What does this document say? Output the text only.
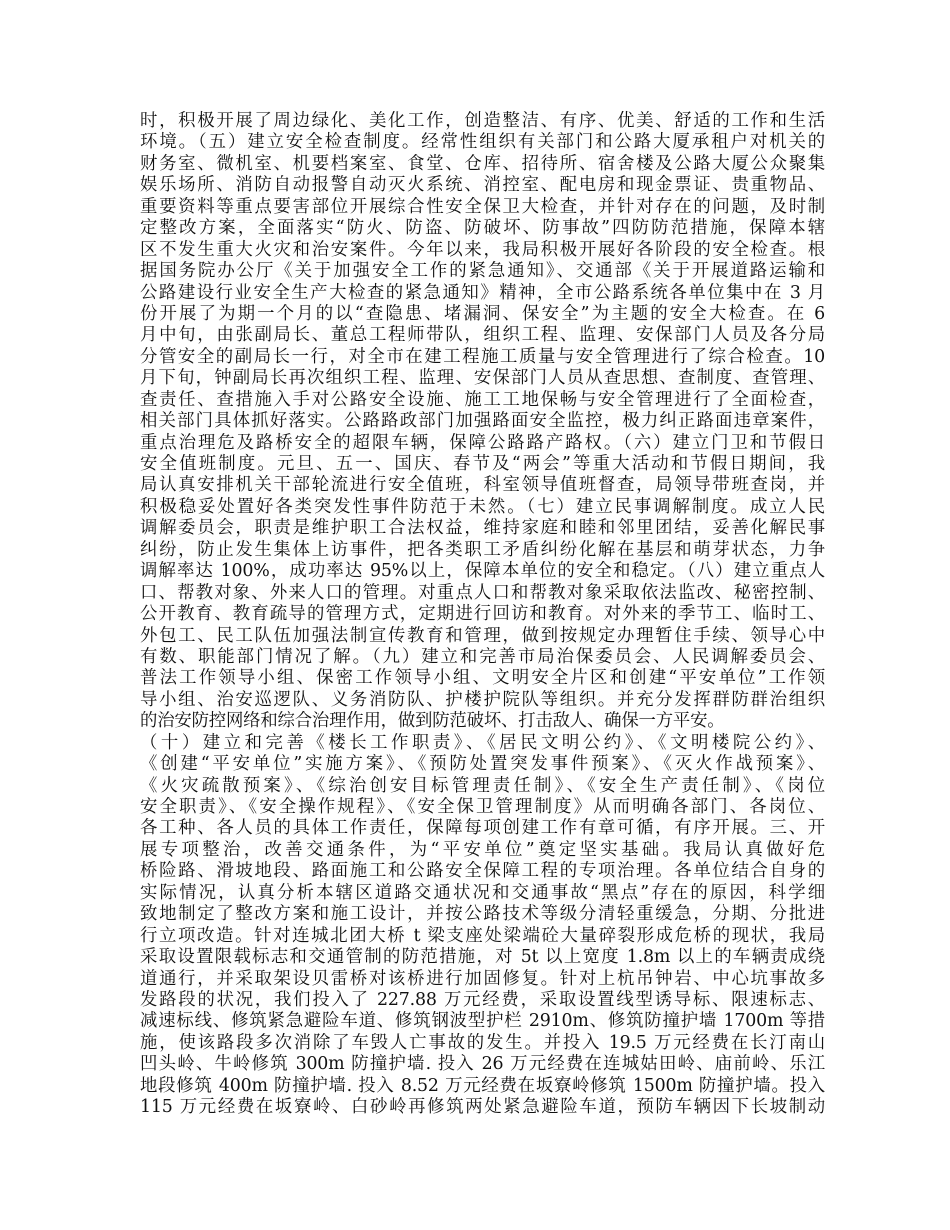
时，积极开展了周边绿化、美化工作，创造整洁、有序、优美、舒适的工作和生活
环境。（五）建立安全检查制度。经常性组织有关部门和公路大厦承租户对机关的
财务室、微机室、机要档案室、食堂、仓库、招待所、宿舍楼及公路大厦公众聚集
娱乐场所、消防自动报警自动灭火系统、消控室、配电房和现金票证、贵重物品、
重要资料等重点要害部位开展综合性安全保卫大检查，并针对存在的问题，及时制
定整改方案，全面落实“防火、防盗、防破坏、防事故”四防防范措施，保障本辖
区不发生重大火灾和治安案件。今年以来，我局积极开展好各阶段的安全检查。根
据国务院办公厅《关于加强安全工作的紧急通知》、交通部《关于开展道路运输和
公路建设行业安全生产大检查的紧急通知》精神，全市公路系统各单位集中在 3 月
份开展了为期一个月的以“查隐患、堵漏洞、保安全”为主题的安全大检查。在 6
月中旬，由张副局长、董总工程师带队，组织工程、监理、安保部门人员及各分局
分管安全的副局长一行，对全市在建工程施工质量与安全管理进行了综合检查。10
月下旬，钟副局长再次组织工程、监理、安保部门人员从查思想、查制度、查管理、
查责任、查措施入手对公路安全设施、施工工地保畅与安全管理进行了全面检查，
相关部门具体抓好落实。公路路政部门加强路面安全监控，极力纠正路面违章案件，
重点治理危及路桥安全的超限车辆，保障公路路产路权。（六）建立门卫和节假日
安全值班制度。元旦、五一、国庆、春节及“两会”等重大活动和节假日期间，我
局认真安排机关干部轮流进行安全值班，科室领导值班督查，局领导带班查岗，并
积极稳妥处置好各类突发性事件防范于未然。（七）建立民事调解制度。成立人民
调解委员会，职责是维护职工合法权益，维持家庭和睦和邻里团结，妥善化解民事
纠纷，防止发生集体上访事件，把各类职工矛盾纠纷化解在基层和萌芽状态，力争
调解率达 100%，成功率达 95%以上，保障本单位的安全和稳定。（八）建立重点人
口、帮教对象、外来人口的管理。对重点人口和帮教对象采取依法监改、秘密控制、
公开教育、教育疏导的管理方式，定期进行回访和教育。对外来的季节工、临时工、
外包工、民工队伍加强法制宣传教育和管理，做到按规定办理暂住手续、领导心中
有数、职能部门情况了解。（九）建立和完善市局治保委员会、人民调解委员会、
普法工作领导小组、保密工作领导小组、文明安全片区和创建“平安单位”工作领
导小组、治安巡逻队、义务消防队、护楼护院队等组织。并充分发挥群防群治组织
的治安防控网络和综合治理作用，做到防范破坏、打击敌人、确保一方平安。
（十）建立和完善《楼长工作职责》、《居民文明公约》、《文明楼院公约》、
《创建“平安单位”实施方案》、《预防处置突发事件预案》、《灭火作战预案》、
《火灾疏散预案》、《综治创安目标管理责任制》、《安全生产责任制》、《岗位
安全职责》、《安全操作规程》、《安全保卫管理制度》从而明确各部门、各岗位、
各工种、各人员的具体工作责任，保障每项创建工作有章可循，有序开展。三、开
展专项整治，改善交通条件，为“平安单位”奠定坚实基础。我局认真做好危
桥险路、滑坡地段、路面施工和公路安全保障工程的专项治理。各单位结合自身的
实际情况，认真分析本辖区道路交通状况和交通事故“黑点”存在的原因，科学细
致地制定了整改方案和施工设计，并按公路技术等级分清轻重缓急，分期、分批进
行立项改造。针对连城北团大桥 t 梁支座处梁端砼大量碎裂形成危桥的现状，我局
采取设置限载标志和交通管制的防范措施，对 5t 以上宽度 1.8m 以上的车辆责成绕
道通行，并采取架设贝雷桥对该桥进行加固修复。针对上杭吊钟岩、中心坑事故多
发路段的状况，我们投入了 227.88 万元经费，采取设置线型诱导标、限速标志、
减速标线、修筑紧急避险车道、修筑钢波型护栏 2910m、修筑防撞护墙 1700m 等措
施，使该路段多次消除了车毁人亡事故的发生。并投入 19.5 万元经费在长汀南山
凹头岭、牛岭修筑 300m 防撞护墙. 投入 26 万元经费在连城姑田岭、庙前岭、乐江
地段修筑 400m 防撞护墙. 投入 8.52 万元经费在坂寮岭修筑 1500m 防撞护墙。投入
115 万元经费在坂寮岭、白砂岭再修筑两处紧急避险车道，预防车辆因下长坡制动
